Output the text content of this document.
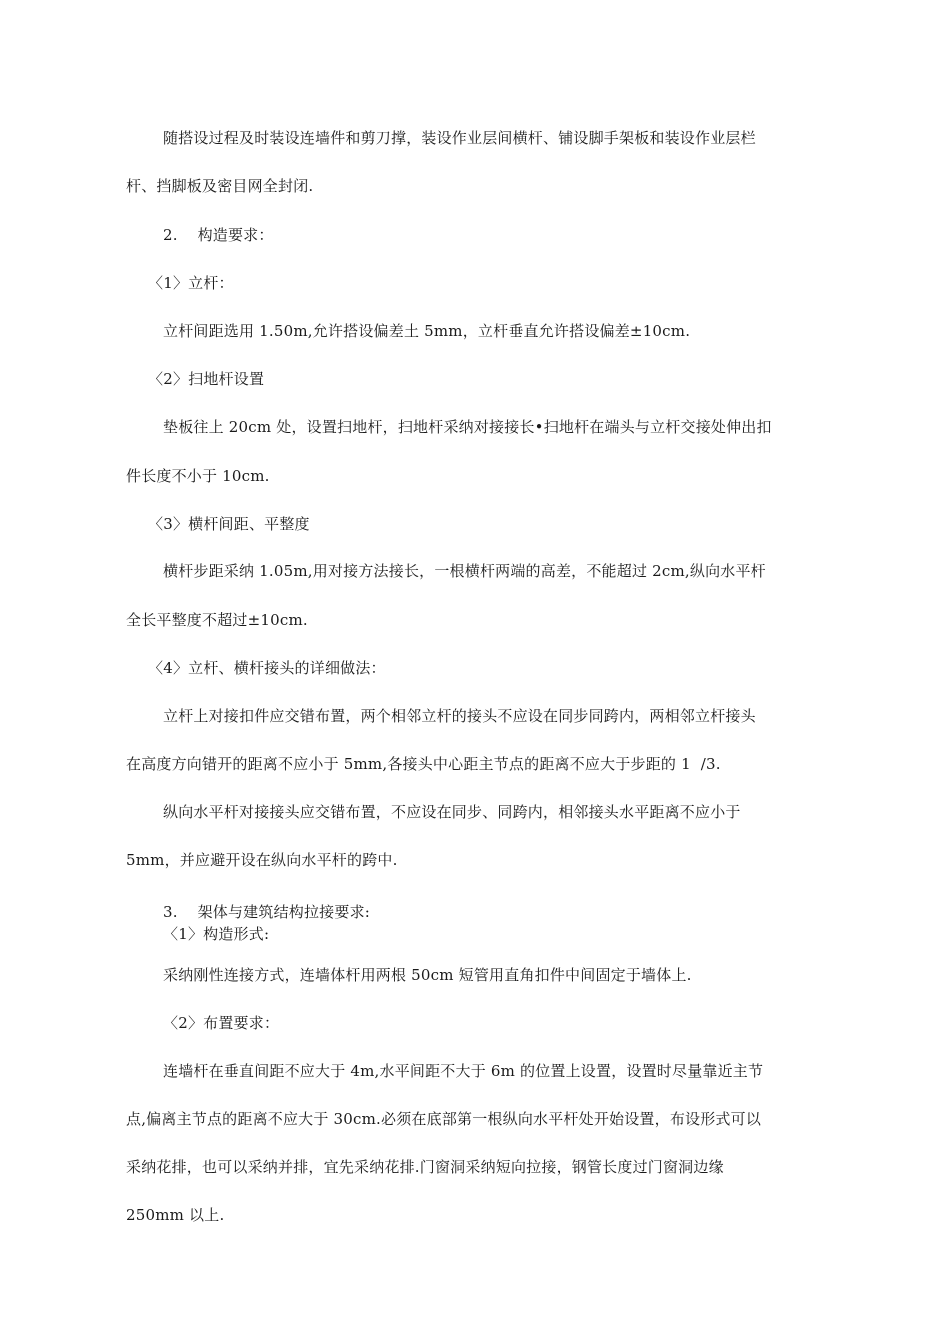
随搭设过程及时装设连墙件和剪刀撑，装设作业层间横杆、铺设脚手架板和装设作业层栏
杆、挡脚板及密目网全封闭.
2.    构造要求：
〈1〉立杆：
立杆间距选用 1.50m,允许搭设偏差土 5mm，立杆垂直允许搭设偏差±10cm.
〈2〉扫地杆设置
垫板往上 20cm 处，设置扫地杆，扫地杆采纳对接接长•扫地杆在端头与立杆交接处伸出扣
件长度不小于 10cm.
〈3〉横杆间距、平整度
横杆步距采纳 1.05m,用对接方法接长，一根横杆两端的高差，不能超过 2cm,纵向水平杆
全长平整度不超过±10cm.
〈4〉立杆、横杆接头的详细做法：
立杆上对接扣件应交错布置，两个相邻立杆的接头不应设在同步同跨内，两相邻立杆接头
在高度方向错开的距离不应小于 5mm,各接头中心距主节点的距离不应大于步距的 1  /3.
纵向水平杆对接接头应交错布置，不应设在同步、同跨内，相邻接头水平距离不应小于
5mm，并应避开设在纵向水平杆的跨中.
3.    架体与建筑结构拉接要求:
〈1〉构造形式:
采纳刚性连接方式，连墙体杆用两根 50cm 短管用直角扣件中间固定于墙体上.
〈2〉布置要求：
连墙杆在垂直间距不应大于 4m,水平间距不大于 6m 的位置上设置，设置时尽量靠近主节
点,偏离主节点的距离不应大于 30cm.必须在底部第一根纵向水平杆处开始设置，布设形式可以
采纳花排，也可以采纳并排，宜先采纳花排.门窗洞采纳短向拉接，钢管长度过门窗洞边缘
250mm 以上.
